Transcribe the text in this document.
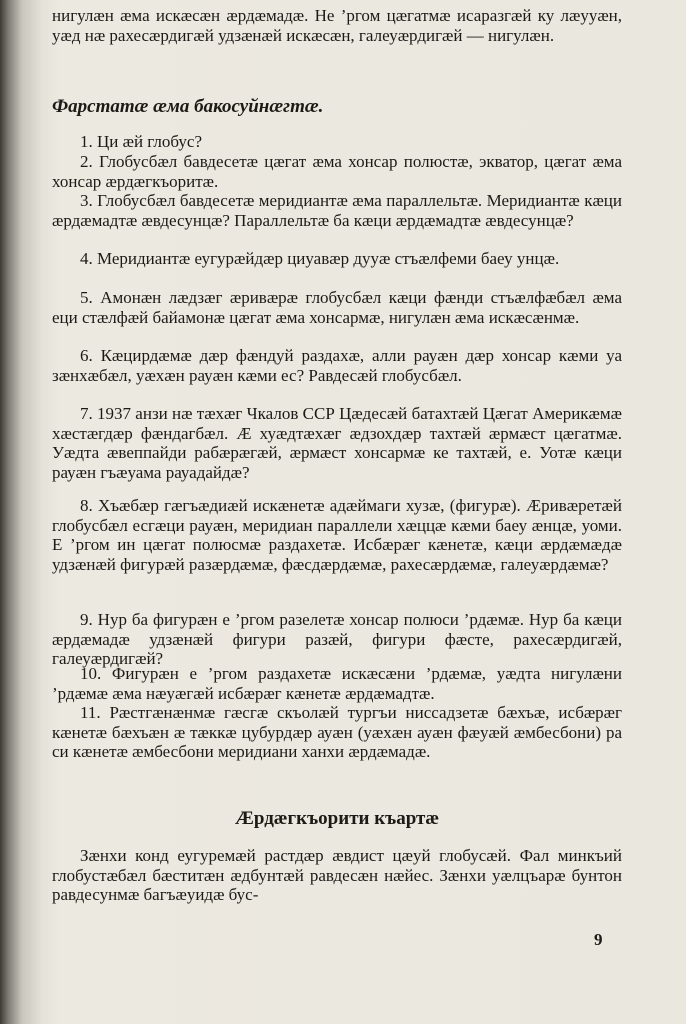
нигулæн æма искæсæн æрдæмадæ. Не ’ргом цæгатмæ исарaзгæй ку лæууæн, уæд нæ рахесæрдигæй удзæнæй искæсæн, галеуæрдигæй — нигулæн.

Фарстатæ æма бакосуйнæгтæ.

1. Ци æй глобус?

2. Глобусбæл бавдесетæ цæгат æма хонсар полюстæ, экватор, цæгат æма хонсар æрдæгкъоритæ.

3. Глобусбæл бавдесетæ меридиантæ æма параллельтæ. Меридиантæ кæци æрдæмадтæ æвдесунцæ? Параллельтæ ба кæци æрдæмадтæ æвдесунцæ?

4. Меридиантæ еугурæйдæр циуавæр дууæ стъæлфеми баеу унцæ.

5. Амонæн лæдзæг æривæрæ глобусбæл кæци фæнди стъæлфæбæл æма еци стæлфæй байамонæ цæгат æма хонсармæ, нигулæн æма искæсæнмæ.

6. Кæцирдæмæ дæр фæндуй раздахæ, алли рауæн дæр хонсар кæми уа зæнхæбæл, уæхæн рауæн кæми ес? Равдесæй глобусбæл.

7. 1937 анзи нæ тæхæг Чкалов ССР Цæдесæй батахтæй Цæгат Америкæмæ хæстæгдæр фæндагбæл. Æ хуæдтæхæг æдзохдæр тахтæй æрмæст цæгатмæ. Уæдта æвеппайди рабæрæгæй, æрмæст хонсармæ ке тахтæй, е. Уотæ кæци рауæн гъæуама рауадайдæ?

8. Хъæбæр гæгъæдиæй искæнетæ адæймаги хузæ, (фигурæ). Æривæретæй глобусбæл есгæци рауæн, меридиан параллели хæццæ кæми баеу æнцæ, уоми. Е ’ргом ин цæгат полюсмæ раздахетæ. Исбæрæг кæнетæ, кæци æрдæмæдæ удзæнæй фигурæй разæрдæмæ, фæсдæрдæмæ, рахесæрдæмæ, галеуæрдæмæ?

9. Нур ба фигурæн е ’ргом разелетæ хонсар полюси ’рдæмæ. Нур ба кæци æрдæмадæ удзæнæй фигури разæй, фигури фæсте, рахесæрдигæй, галеуæрдигæй?

10. Фигурæн е ’ргом раздахетæ искæсæни ’рдæмæ, уæдта нигулæни ’рдæмæ æма нæуæгæй исбæрæг кæнетæ æрдæмадтæ.

11. Рæстгæнæнмæ гæсгæ скъолæй тургъи ниссадзетæ бæхъæ, исбæрæг кæнетæ бæхъæн æ тæккæ цубурдæр ауæн (уæхæн ауæн фæуæй æмбесбони) ра си кæнетæ æмбесбони меридиани ханхи æрдæмадæ.

Æрдæгкъорити къартæ

Зæнхи конд еугуремæй растдæр æвдист цæуй глобусæй. Фал минкъий глобустæбæл бæститæн æдбунтæй равдесæн нæйес. Зæнхи уæлцъарæ бунтон равдесунмæ багъæуидæ бус-

9
